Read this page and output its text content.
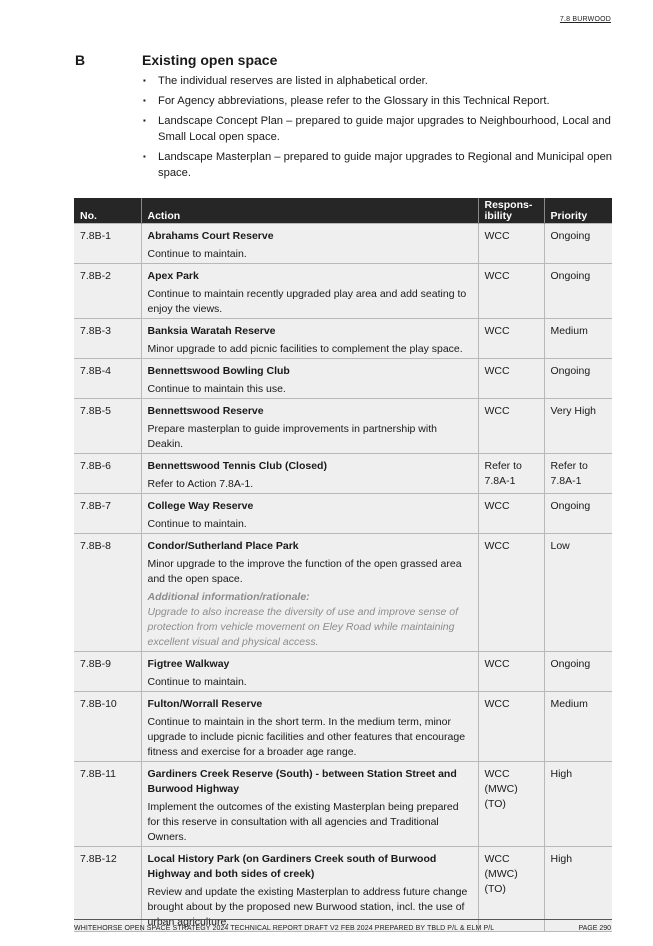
7.8 BURWOOD
B	Existing open space
▪ The individual reserves are listed in alphabetical order.
▪ For Agency abbreviations, please refer to the Glossary in this Technical Report.
▪ Landscape Concept Plan – prepared to guide major upgrades to Neighbourhood, Local and Small Local open space.
▪ Landscape Masterplan – prepared to guide major upgrades to Regional and Municipal open space.
No.	Action	Respons-
ibility	Priority
7.8B-1	Abrahams Court Reserve
Continue to maintain.	WCC	Ongoing
7.8B-2	Apex Park
Continue to maintain recently upgraded play area and add seating to enjoy the views.	WCC	Ongoing
7.8B-3	Banksia Waratah Reserve
Minor upgrade to add picnic facilities to complement the play space.	WCC	Medium
7.8B-4	Bennettswood Bowling Club
Continue to maintain this use.	WCC	Ongoing
7.8B-5	Bennettswood Reserve
Prepare masterplan to guide improvements in partnership with Deakin.	WCC	Very High
7.8B-6	Bennettswood Tennis Club (Closed)
Refer to Action 7.8A-1.	Refer to 7.8A-1	Refer to 7.8A-1
7.8B-7	College Way Reserve
Continue to maintain.	WCC	Ongoing
7.8B-8	Condor/Sutherland Place Park
Minor upgrade to the improve the function of the open grassed area and the open space.
Additional information/rationale:
Upgrade to also increase the diversity of use and improve sense of protection from vehicle movement on Eley Road while maintaining excellent visual and physical access.	WCC	Low
7.8B-9	Figtree Walkway
Continue to maintain.	WCC	Ongoing
7.8B-10	Fulton/Worrall Reserve
Continue to maintain in the short term. In the medium term, minor upgrade to include picnic facilities and other features that encourage fitness and exercise for a broader age range.	WCC	Medium
7.8B-11	Gardiners Creek Reserve (South) - between Station Street and Burwood Highway
Implement the outcomes of the existing Masterplan being prepared for this reserve in consultation with all agencies and Traditional Owners.	WCC (MWC) (TO)	High
7.8B-12	Local History Park (on Gardiners Creek south of Burwood Highway and both sides of creek)
Review and update the existing Masterplan to address future change brought about by the proposed new Burwood station, incl. the use of urban agriculture.	WCC (MWC) (TO)	High
WHITEHORSE OPEN SPACE STRATEGY 2024 TECHNICAL REPORT DRAFT V2 FEB 2024 PREPARED BY TBLD P/L & ELM P/L	PAGE 290
